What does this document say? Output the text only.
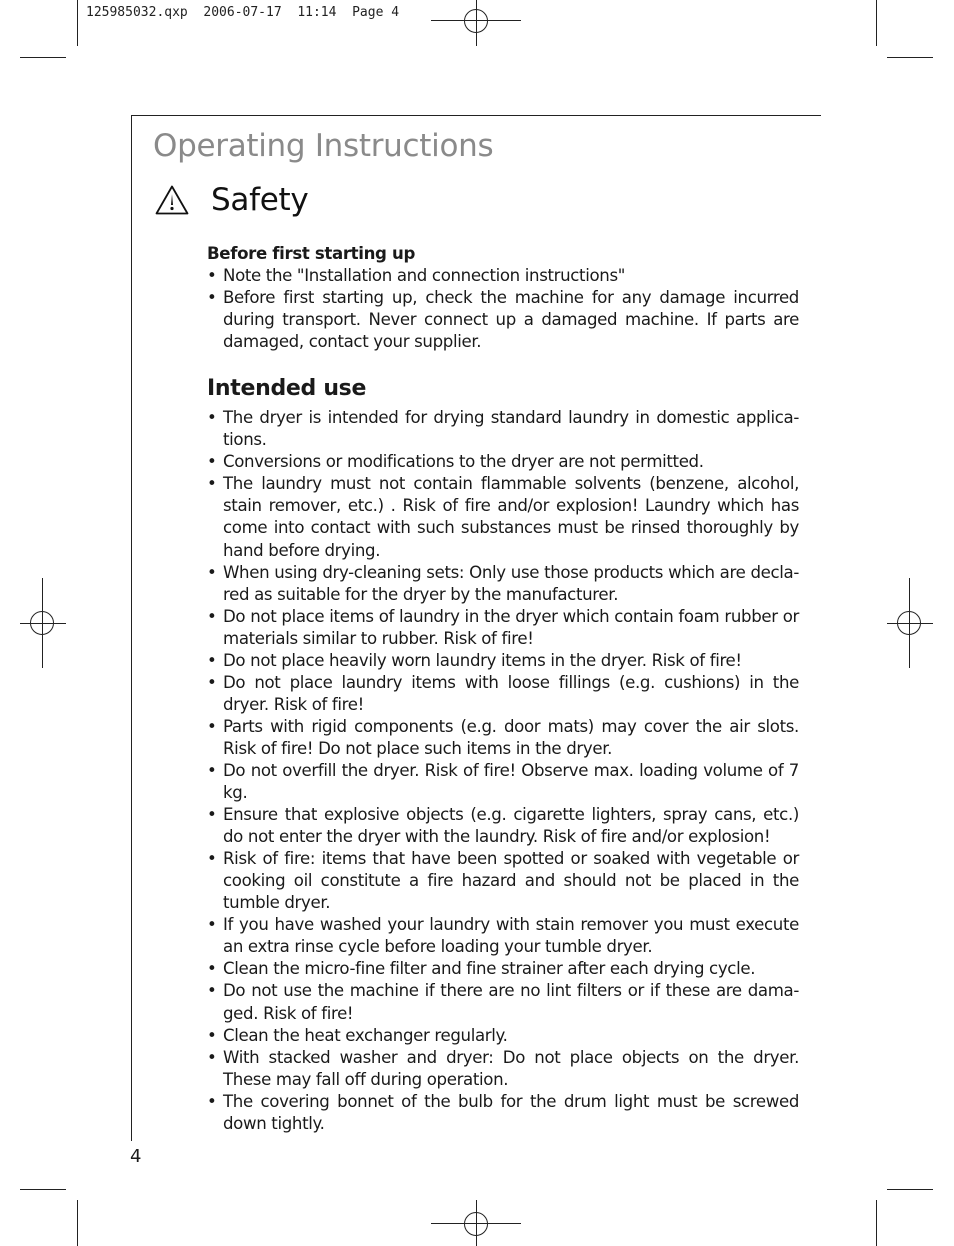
125985032.qxp  2006-07-17  11:14  Page 4
Operating Instructions
Safety

Before first starting up

• Note the "Installation and connection instructions"
• Before first starting up, check the machine for any damage incurred during transport. Never connect up a damaged machine. If parts are damaged, contact your supplier.
Intended use
• The dryer is intended for drying standard laundry in domestic applica-tions.
• Conversions or modifications to the dryer are not permitted.
• The laundry must not contain flammable solvents (benzene, alcohol, stain remover, etc.) . Risk of fire and/or explosion! Laundry which has come into contact with such substances must be rinsed thoroughly by hand before drying.
• When using dry-cleaning sets: Only use those products which are decla-red as suitable for the dryer by the manufacturer.
• Do not place items of laundry in the dryer which contain foam rubber or materials similar to rubber. Risk of fire!
• Do not place heavily worn laundry items in the dryer. Risk of fire!
• Do not place laundry items with loose fillings (e.g. cushions) in the dryer. Risk of fire!
• Parts with rigid components (e.g. door mats) may cover the air slots. Risk of fire! Do not place such items in the dryer.
• Do not overfill the dryer. Risk of fire! Observe max. loading volume of 7 kg.
• Ensure that explosive objects (e.g. cigarette lighters, spray cans, etc.) do not enter the dryer with the laundry. Risk of fire and/or explosion!
• Risk of fire: items that have been spotted or soaked with vegetable or cooking oil constitute a fire hazard and should not be placed in the tumble dryer.
• If you have washed your laundry with stain remover you must execute an extra rinse cycle before loading your tumble dryer.
• Clean the micro-fine filter and fine strainer after each drying cycle.
• Do not use the machine if there are no lint filters or if these are dama-ged. Risk of fire!
• Clean the heat exchanger regularly.
• With stacked washer and dryer: Do not place objects on the dryer. These may fall off during operation.
• The covering bonnet of the bulb for the drum light must be screwed down tightly.
4
